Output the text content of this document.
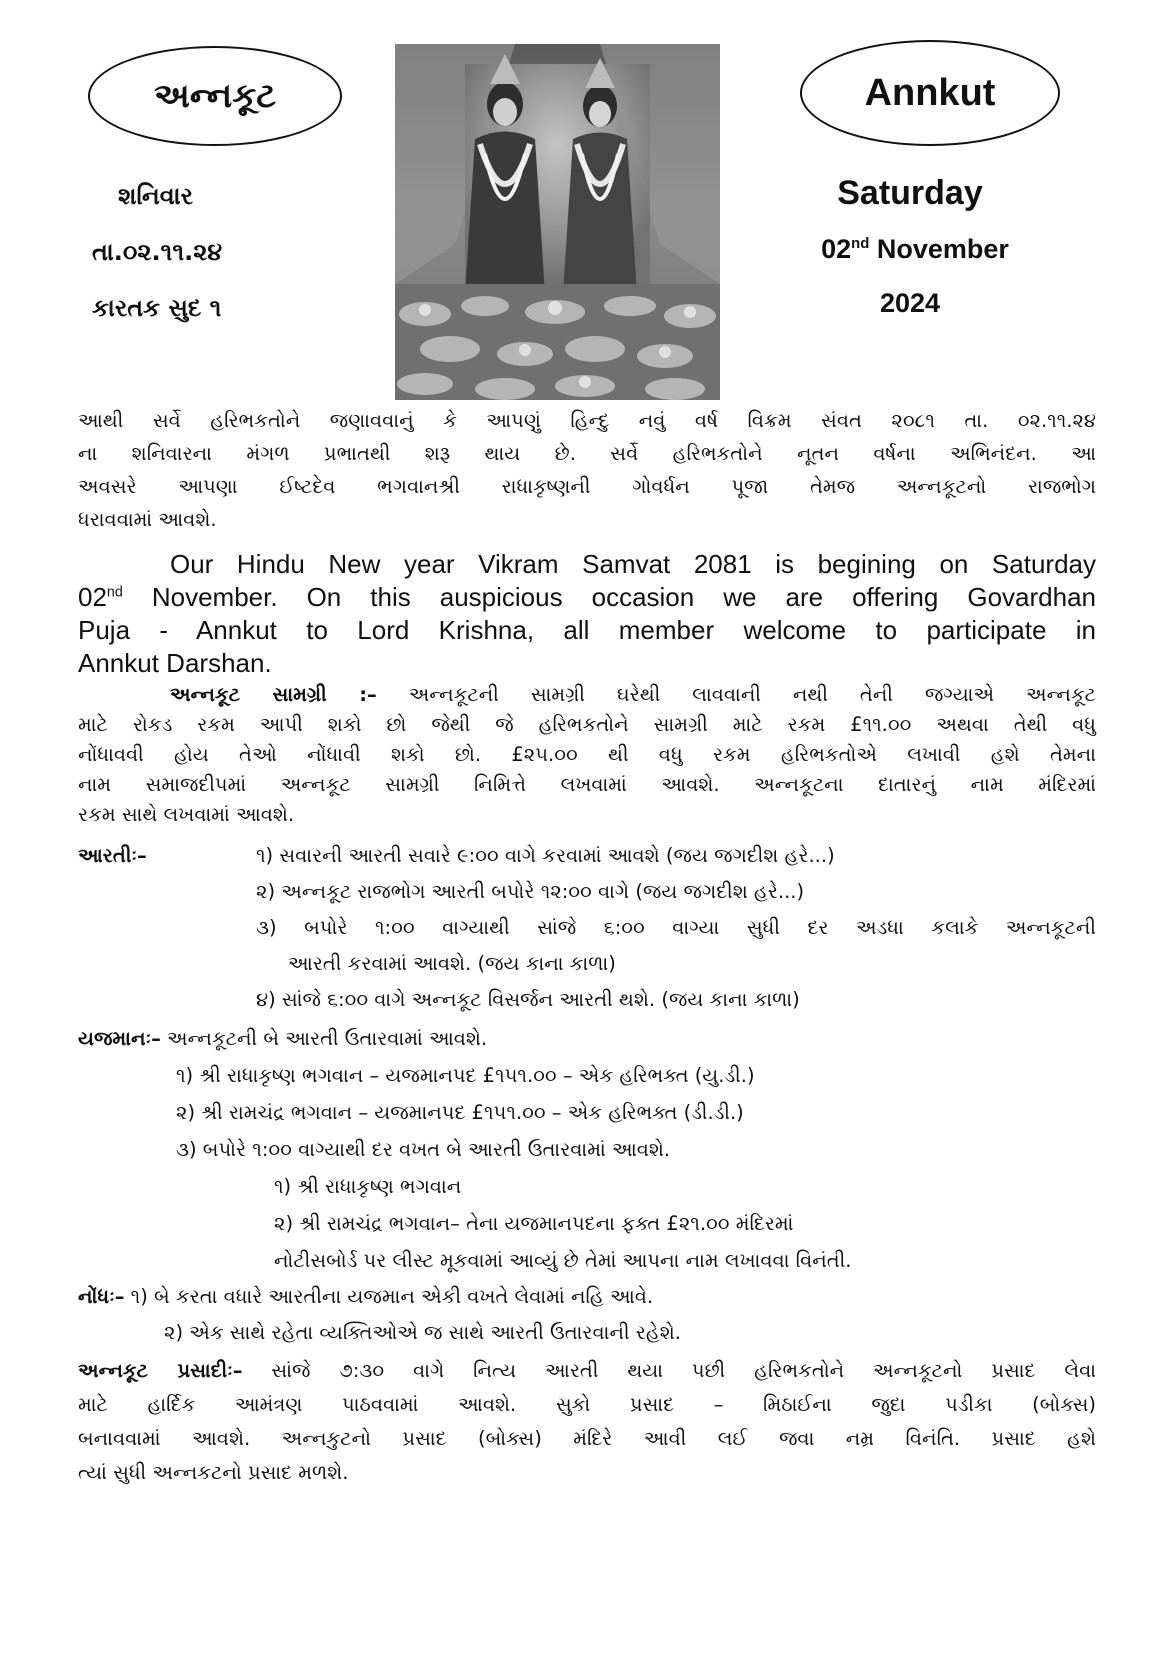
અન્નકૂટ
શનિવાર
તા.૦૨.૧૧.૨૪
કારતક સુદ ૧
Annkut
Saturday
02nd November
2024
આથી સર્વે હરિભકતોને જણાવવાનું કે આપણું હિન્દુ નવું વર્ષ વિક્રમ સંવત ૨૦૮૧ તા. ૦૨.૧૧.૨૪
ના શનિવારના મંગળ પ્રભાતથી શરૂ થાય છે. સર્વે હરિભકતોને નૂતન વર્ષના અભિનંદન. આ
અવસરે આપણા ઈષ્ટદેવ ભગવાનશ્રી રાધાકૃષ્ણની ગોવર્ધન પૂજા તેમજ અન્નકૂટનો રાજભોગ
ધરાવવામાં આવશે.
Our Hindu New year Vikram Samvat 2081 is begining on Saturday
02nd November. On this auspicious occasion we are offering Govardhan
Puja - Annkut to Lord Krishna, all member welcome to participate in
Annkut Darshan.
અન્નકૂટ સામગ્રી :– અન્નકૂટની સામગ્રી ઘરેથી લાવવાની નથી તેની જગ્યાએ અન્નકૂટ
માટે રોકડ રકમ આપી શકો છો જેથી જે હરિભકતોને સામગ્રી માટે રકમ £૧૧.૦૦ અથવા તેથી વધુ
નોંધાવવી હોય તેઓ નોંધાવી શકો છો. £૨૫.૦૦ થી વધુ રકમ હરિભકતોએ લખાવી હશે તેમના
નામ સમાજદીપમાં અન્નકૂટ સામગ્રી નિમિત્તે લખવામાં આવશે. અન્નકૂટના દાતારનું નામ મંદિરમાં
રકમ સાથે લખવામાં આવશે.
આરતીઃ–	૧) સવારની આરતી સવારે ૯:૦૦ વાગે કરવામાં આવશે (જય જગદીશ હરે...)
૨) અન્નકૂટ રાજભોગ આરતી બપોરે ૧૨:૦૦ વાગે (જય જગદીશ હરે...)
૩) બપોરે ૧:૦૦ વાગ્યાથી સાંજે ૬:૦૦ વાગ્યા સુધી દર અડધા કલાકે અન્નકૂટની
આરતી કરવામાં આવશે. (જય કાના કાળા)
૪) સાંજે ૬:૦૦ વાગે અન્નકૂટ વિસર્જન આરતી થશે. (જય કાના કાળા)
યજમાનઃ– અન્નકૂટની બે આરતી ઉતારવામાં આવશે.
૧) શ્રી રાધાકૃષ્ણ ભગવાન – યજમાનપદ £૧૫૧.૦૦ – એક હરિભક્ત (યુ.ડી.)
૨) શ્રી રામચંદ્ર ભગવાન – યજમાનપદ £૧૫૧.૦૦ – એક હરિભક્ત (ડી.ડી.)
૩) બપોરે ૧:૦૦ વાગ્યાથી દર વખત બે આરતી ઉતારવામાં આવશે.
૧) શ્રી રાધાકૃષ્ણ ભગવાન
૨) શ્રી રામચંદ્ર ભગવાન– તેના યજમાનપદના ફક્ત £૨૧.૦૦ મંદિરમાં
નોટીસબોર્ડ પર લીસ્ટ મૂકવામાં આવ્યું છે તેમાં આપના નામ લખાવવા વિનંતી.
નોંધઃ– ૧) બે કરતા વધારે આરતીના યજમાન એકી વખતે લેવામાં નહિ આવે.
૨) એક સાથે રહેતા વ્યક્તિઓએ જ સાથે આરતી ઉતારવાની રહેશે.
અન્નકૂટ પ્રસાદીઃ– સાંજે ૭:૩૦ વાગે નિત્ય આરતી થયા પછી હરિભકતોને અન્નકૂટનો પ્રસાદ લેવા
માટે હાર્દિક આમંત્રણ પાઠવવામાં આવશે. સુકો પ્રસાદ – મિઠાઈના જુદા પડીકા (બોક્સ)
બનાવવામાં આવશે. અન્નકુટનો પ્રસાદ (બોક્સ) મંદિરે આવી લઈ જવા નમ્ર વિનંતિ. પ્રસાદ હશે
ત્યાં સુધી અન્નકટનો પ્રસાદ મળશે.
